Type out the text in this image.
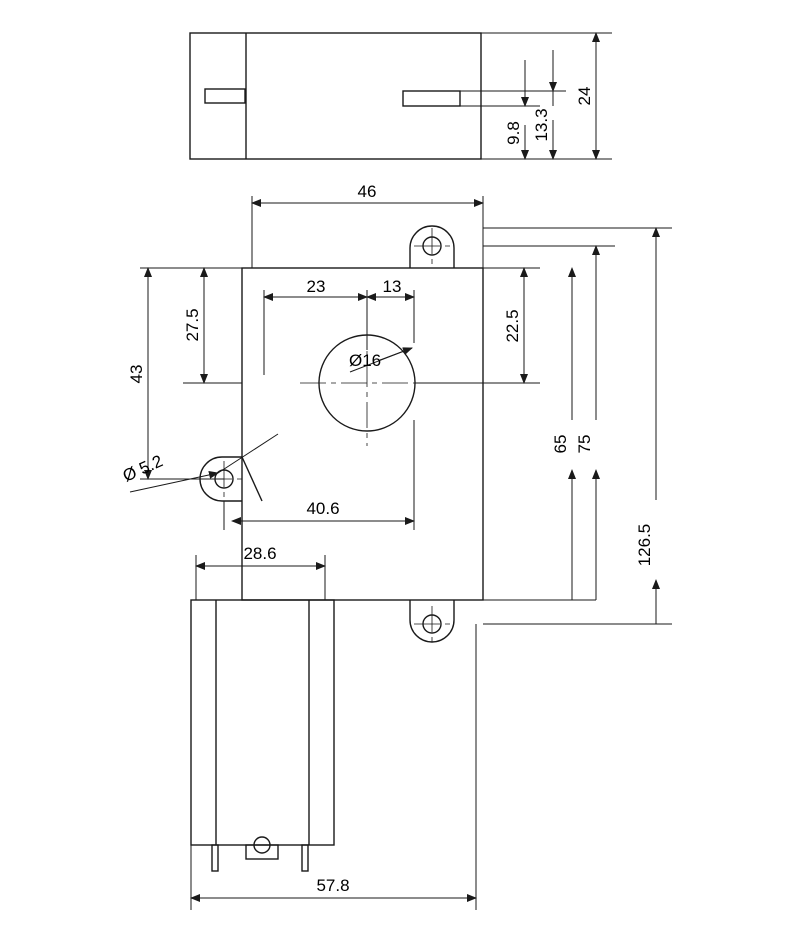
24
13.3
9.8
46
43
27.5
23	13
22.5
65 75
126.5
40.6
28.6
57.8
Ø16
Ø 5.2
